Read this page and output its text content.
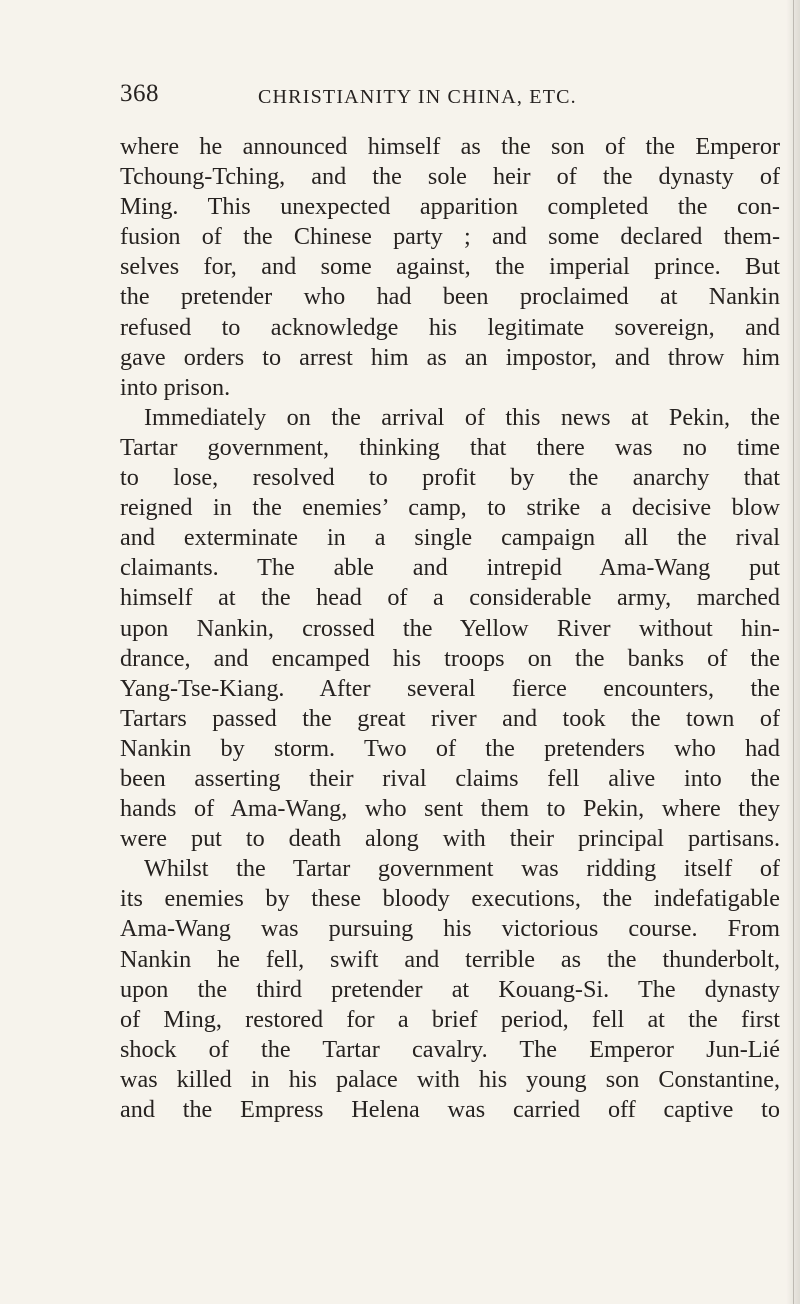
368	CHRISTIANITY IN CHINA, ETC.
where he announced himself as the son of the Emperor
Tchoung-Tching, and the sole heir of the dynasty of
Ming. This unexpected apparition completed the con-
fusion of the Chinese party ; and some declared them-
selves for, and some against, the imperial prince. But
the pretender who had been proclaimed at Nankin
refused to acknowledge his legitimate sovereign, and
gave orders to arrest him as an impostor, and throw him
into prison.
Immediately on the arrival of this news at Pekin, the
Tartar government, thinking that there was no time
to lose, resolved to profit by the anarchy that
reigned in the enemies’ camp, to strike a decisive blow
and exterminate in a single campaign all the rival
claimants. The able and intrepid Ama-Wang put
himself at the head of a considerable army, marched
upon Nankin, crossed the Yellow River without hin-
drance, and encamped his troops on the banks of the
Yang-Tse-Kiang. After several fierce encounters, the
Tartars passed the great river and took the town of
Nankin by storm. Two of the pretenders who had
been asserting their rival claims fell alive into the
hands of Ama-Wang, who sent them to Pekin, where they
were put to death along with their principal partisans.
Whilst the Tartar government was ridding itself of
its enemies by these bloody executions, the indefatigable
Ama-Wang was pursuing his victorious course. From
Nankin he fell, swift and terrible as the thunderbolt,
upon the third pretender at Kouang-Si. The dynasty
of Ming, restored for a brief period, fell at the first
shock of the Tartar cavalry. The Emperor Jun-Lié
was killed in his palace with his young son Constantine,
and the Empress Helena was carried off captive to
